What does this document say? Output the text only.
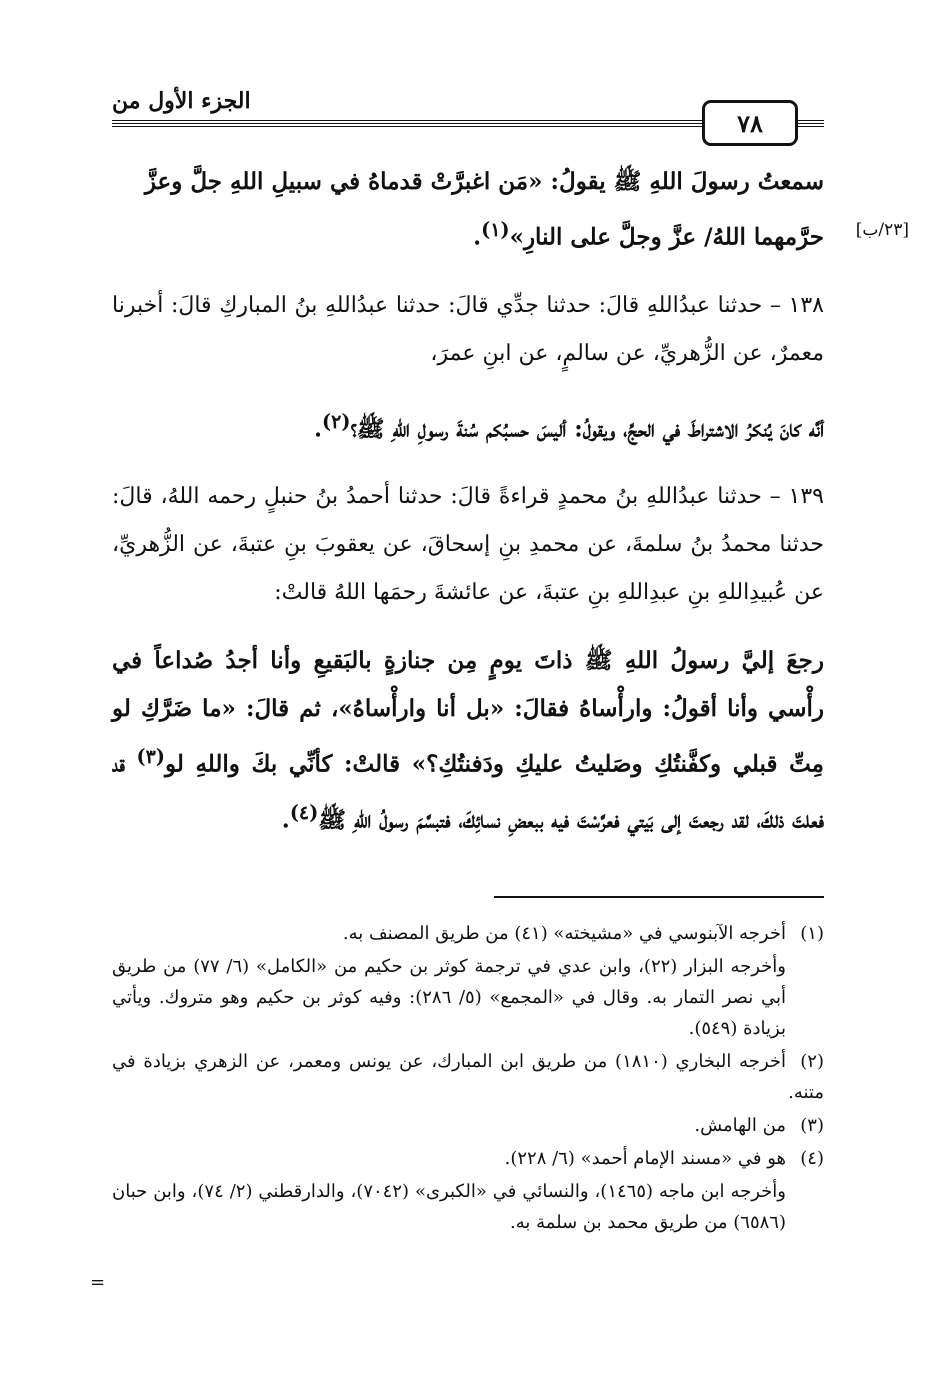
الجزء الأول من
٧٨

سمعتُ رسولَ اللهِ ﷺ يقولُ: «مَن اغبرَّتْ قدماهُ في سبيلِ اللهِ جلَّ وعزَّ
حرَّمهما اللهُ/ عزَّ وجلَّ على النارِ»$^{(١)}$.	[٢٣/ب]

١٣٨ – حدثنا عبدُاللهِ قالَ: حدثنا جدِّي قالَ: حدثنا عبدُاللهِ بنُ المباركِ قالَ: أخبرنا معمرٌ، عن الزُّهريِّ، عن سالمٍ، عن ابنِ عمرَ،

أنَّه كانَ يُنكرُ الاشتراطَ في الحجِّ، ويقولُ: أليسَ حسبُكم سُنةَ رسولِ اللهِ ﷺ؟$^{(٢)}$.

١٣٩ – حدثنا عبدُاللهِ بنُ محمدٍ قراءةً قالَ: حدثنا أحمدُ بنُ حنبلٍ رحمه اللهُ، قالَ: حدثنا محمدُ بنُ سلمةَ، عن محمدِ بنِ إسحاقَ، عن يعقوبَ بنِ عتبةَ، عن الزُّهريِّ، عن عُبيدِاللهِ بنِ عبدِاللهِ بنِ عتبةَ، عن عائشةَ رحمَها اللهُ قالتْ:

رجعَ إليَّ رسولُ اللهِ ﷺ ذاتَ يومٍ مِن جنازةٍ بالبَقيعِ وأنا أجدُ صُداعاً في رأْسي وأنا أقولُ: وارأْساهُ فقالَ: «بل أنا وارأْساهُ»، ثم قالَ: «ما ضَرَّكِ لو مِتِّ قبلي وكفَّنتُكِ وصَليتُ عليكِ ودَفنتُكِ؟» قالتْ: كأنِّي بكَ واللهِ لو$^{(٣)}$ قد فعلتَ ذلكَ، لقد رجعتَ إلى بَيتي فعرَّسْتَ فيه ببعضِ نسائِكَ، فتبسَّمَ رسولُ اللهِ ﷺ$^{(٤)}$.

(١)أخرجه الآبنوسي في «مشيخته» (٤١) من طريق المصنف به.

وأخرجه البزار (٢٢)، وابن عدي في ترجمة كوثر بن حكيم من «الكامل» (٦/ ٧٧) من طريق أبي نصر التمار به. وقال في «المجمع» (٥/ ٢٨٦): وفيه كوثر بن حكيم وهو متروك. ويأتي بزيادة (٥٤٩).

(٢)أخرجه البخاري (١٨١٠) من طريق ابن المبارك، عن يونس ومعمر، عن الزهري بزيادة في متنه.

(٣)من الهامش.

(٤)هو في «مسند الإمام أحمد» (٦/ ٢٢٨).

وأخرجه ابن ماجه (١٤٦٥)، والنسائي في «الكبرى» (٧٠٤٢)، والدارقطني (٢/ ٧٤)، وابن حبان (٦٥٨٦) من طريق محمد بن سلمة به.

=
